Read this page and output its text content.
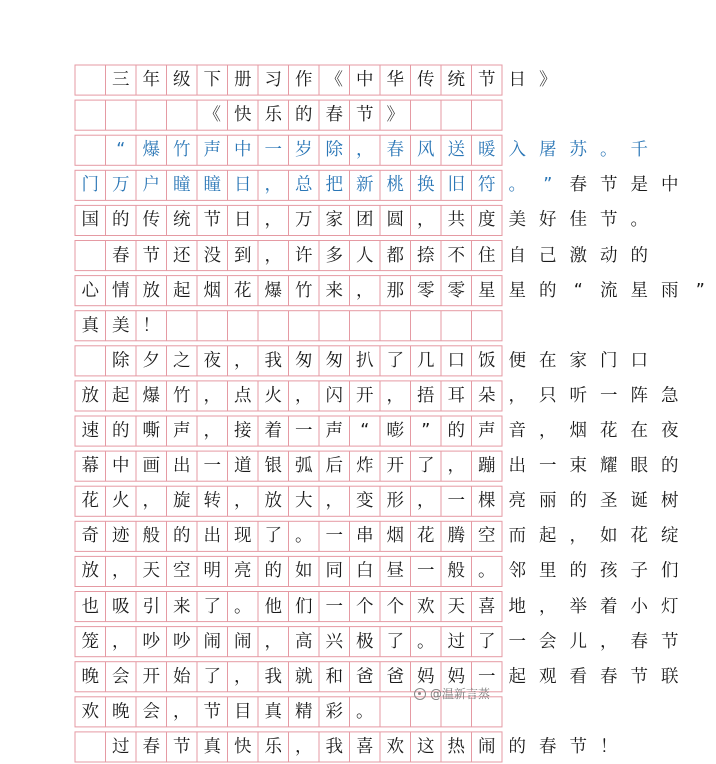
三 年 级 下 册 习 作 《 中 华 传 统 节 日 》
《 快 乐 的 春 节 》
“ 爆 竹 声 中 一 岁 除 ， 春 风 送 暖 入 屠 苏 。 千
门 万 户 瞳 瞳 日 ， 总 把 新 桃 换 旧 符 。 ” 春 节 是 中
国 的 传 统 节 日 ， 万 家 团 圆 ， 共 度 美 好 佳 节 。
春 节 还 没 到 ， 许 多 人 都 捺 不 住 自 己 激 动 的
心 情 放 起 烟 花 爆 竹 来 ， 那 零 零 星 星 的 “ 流 星 雨 ”
真 美 ！
除 夕 之 夜 ， 我 匆 匆 扒 了 几 口 饭 便 在 家 门 口
放 起 爆 竹 ， 点 火 ， 闪 开 ， 捂 耳 朵 ， 只 听 一 阵 急
速 的 嘶 声 ， 接 着 一 声 “ 嘭 ” 的 声 音 ， 烟 花 在 夜
幕 中 画 出 一 道 银 弧 后 炸 开 了 ， 蹦 出 一 束 耀 眼 的
花 火 ， 旋 转 ， 放 大 ， 变 形 ， 一 棵 亮 丽 的 圣 诞 树
奇 迹 般 的 出 现 了 。 一 串 烟 花 腾 空 而 起 ， 如 花 绽
放 ， 天 空 明 亮 的 如 同 白 昼 一 般 。 邻 里 的 孩 子 们
也 吸 引 来 了 。 他 们 一 个 个 欢 天 喜 地 ， 举 着 小 灯
笼 ， 吵 吵 闹 闹 ， 高 兴 极 了 。 过 了 一 会 儿 ， 春 节
晚 会 开 始 了 ， 我 就 和 爸 爸 妈 妈 一 起 观 看 春 节 联
欢 晚 会 ， 节 目 真 精 彩 。
过 春 节 真 快 乐 ， 我 喜 欢 这 热 闹 的 春 节 ！
@温新言蒸
